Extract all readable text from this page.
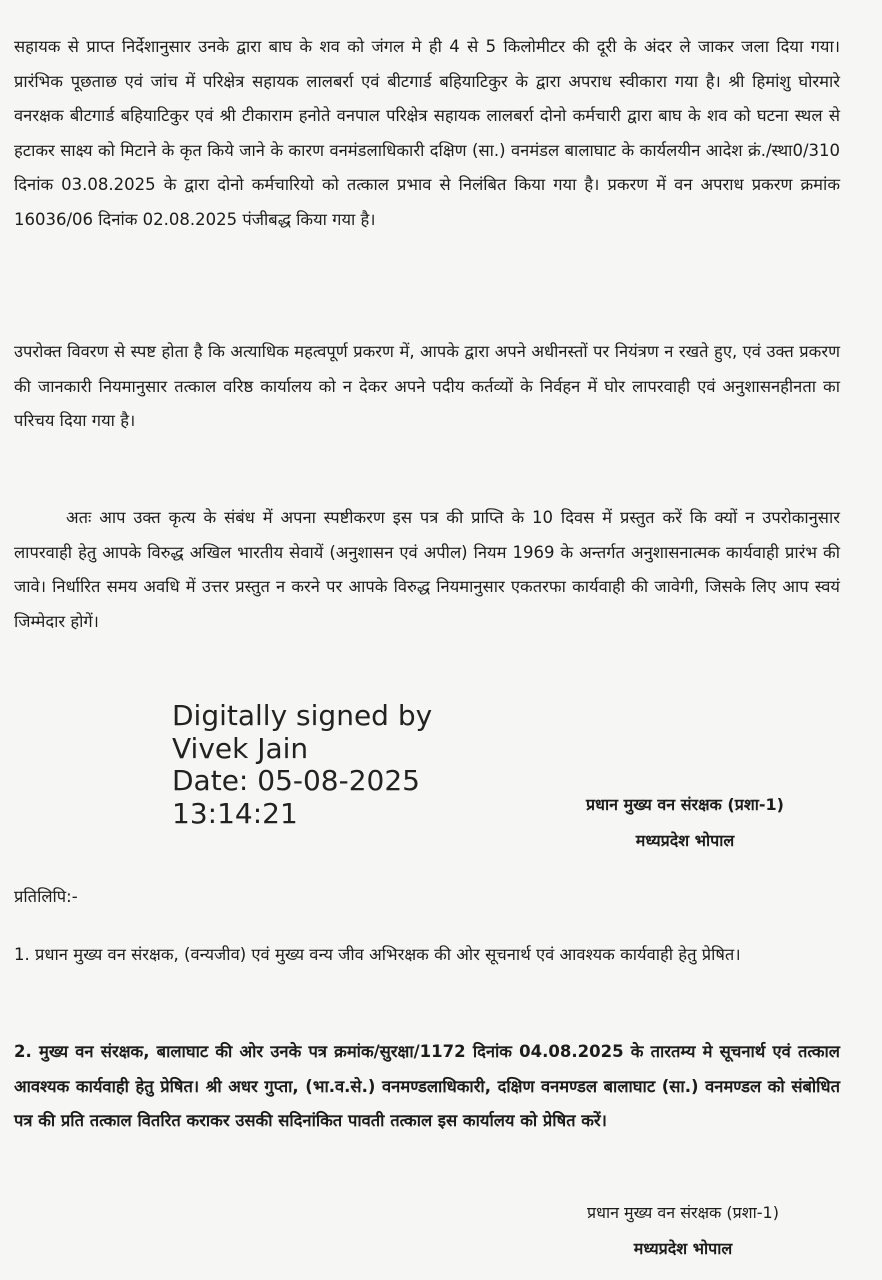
सहायक से प्राप्त निर्देशानुसार उनके द्वारा बाघ के शव को जंगल मे ही 4 से 5 किलोमीटर की दूरी के अंदर ले जाकर जला दिया गया। प्रारंभिक पूछताछ एवं जांच में परिक्षेत्र सहायक लालबर्रा एवं बीटगार्ड बहियाटिकुर के द्वारा अपराध स्वीकारा गया है। श्री हिमांशु घोरमारे वनरक्षक बीटगार्ड बहियाटिकुर एवं श्री टीकाराम हनोते वनपाल परिक्षेत्र सहायक लालबर्रा दोनो कर्मचारी द्वारा बाघ के शव को घटना स्थल से हटाकर साक्ष्य को मिटाने के कृत किये जाने के कारण वनमंडलाधिकारी दक्षिण (सा.) वनमंडल बालाघाट के कार्यलयीन आदेश क्रं./स्था0/310 दिनांक 03.08.2025 के द्वारा दोनो कर्मचारियो को तत्काल प्रभाव से निलंबित किया गया है। प्रकरण में वन अपराध प्रकरण क्रमांक 16036/06 दिनांक 02.08.2025 पंजीबद्ध किया गया है।

उपरोक्त विवरण से स्पष्ट होता है कि अत्याधिक महत्वपूर्ण प्रकरण में, आपके द्वारा अपने अधीनस्तों पर नियंत्रण न रखते हुए, एवं उक्त प्रकरण की जानकारी नियमानुसार तत्काल वरिष्ठ कार्यालय को न देकर अपने पदीय कर्तव्यों के निर्वहन में घोर लापरवाही एवं अनुशासनहीनता का परिचय दिया गया है।

अतः आप उक्त कृत्य के संबंध में अपना स्पष्टीकरण इस पत्र की प्राप्ति के 10 दिवस में प्रस्तुत करें कि क्यों न उपरोकानुसार लापरवाही हेतु आपके विरुद्ध अखिल भारतीय सेवायें (अनुशासन एवं अपील) नियम 1969 के अन्तर्गत अनुशासनात्मक कार्यवाही प्रारंभ की जावे। निर्धारित समय अवधि में उत्तर प्रस्तुत न करने पर आपके विरुद्ध नियमानुसार एकतरफा कार्यवाही की जावेगी, जिसके लिए आप स्वयं जिम्मेदार होगें।

Digitally signed by
Vivek Jain
Date: 05-08-2025
13:14:21	प्रधान मुख्य वन संरक्षक (प्रशा-1)
मध्यप्रदेश भोपाल
प्रतिलिपि:-

1. प्रधान मुख्य वन संरक्षक, (वन्यजीव) एवं मुख्य वन्य जीव अभिरक्षक की ओर सूचनार्थ एवं आवश्यक कार्यवाही हेतु प्रेषित।

2. मुख्य वन संरक्षक, बालाघाट की ओर उनके पत्र क्रमांक/सुरक्षा/1172 दिनांक 04.08.2025 के तारतम्य मे सूचनार्थ एवं तत्काल आवश्यक कार्यवाही हेतु प्रेषित। श्री अधर गुप्ता, (भा.व.से.) वनमण्डलाधिकारी, दक्षिण वनमण्डल बालाघाट (सा.) वनमण्डल को संबोधित पत्र की प्रति तत्काल वितरित कराकर उसकी सदिनांकित पावती तत्काल इस कार्यालय को प्रेषित करें।

प्रधान मुख्य वन संरक्षक (प्रशा-1)
मध्यप्रदेश भोपाल
